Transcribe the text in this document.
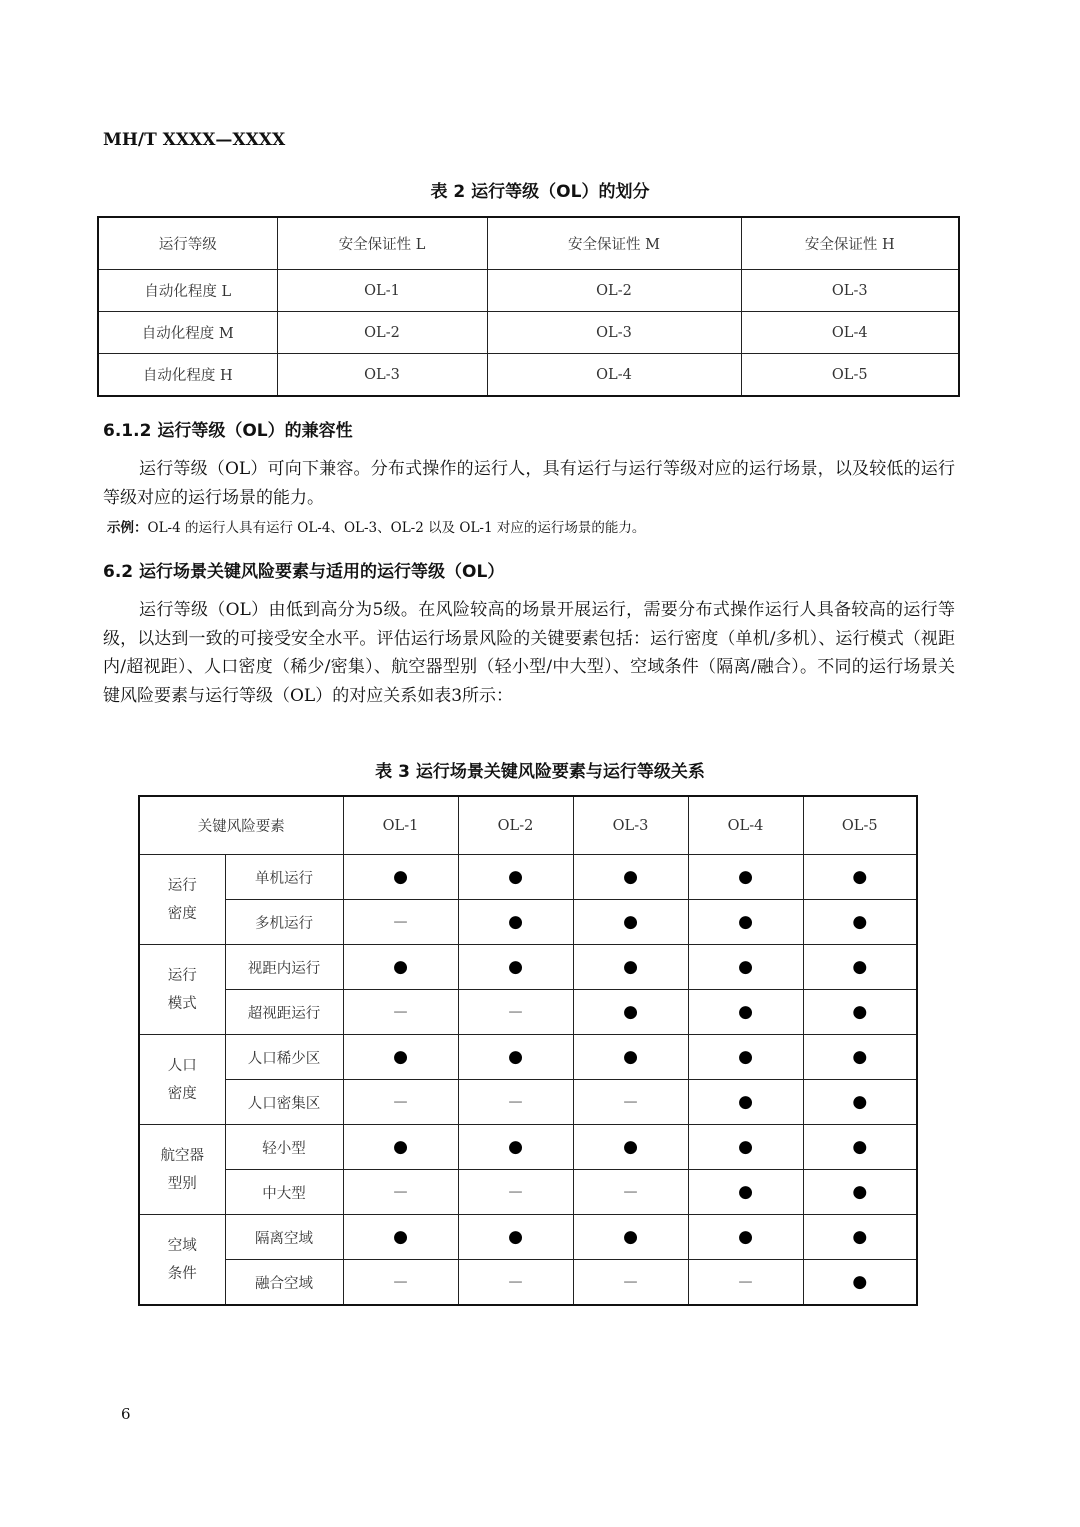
MH/T XXXX—XXXX

表 2 运行等级（OL）的划分

运行等级	安全保证性 L	安全保证性 M	安全保证性 H
自动化程度 L	OL-1	OL-2	OL-3
自动化程度 M	OL-2	OL-3	OL-4
自动化程度 H	OL-3	OL-4	OL-5

6.1.2 运行等级（OL）的兼容性

运行等级（OL）可向下兼容。分布式操作的运行人，具有运行与运行等级对应的运行场景，以及较低的运行等级对应的运行场景的能力。

示例：OL-4 的运行人具有运行 OL-4、OL-3、OL-2 以及 OL-1 对应的运行场景的能力。

6.2 运行场景关键风险要素与适用的运行等级（OL）

运行等级（OL）由低到高分为5级。在风险较高的场景开展运行，需要分布式操作运行人具备较高的运行等级，以达到一致的可接受安全水平。评估运行场景风险的关键要素包括：运行密度（单机/多机）、运行模式（视距内/超视距）、人口密度（稀少/密集）、航空器型别（轻小型/中大型）、空域条件（隔离/融合）。不同的运行场景关键风险要素与运行等级（OL）的对应关系如表3所示：

表 3 运行场景关键风险要素与运行等级关系

关键风险要素		OL-1	OL-2	OL-3	OL-4	OL-5
运行
密度	单机运行	●	●	●	●	●
	多机运行	—	●	●	●	●
运行
模式	视距内运行	●	●	●	●	●
	超视距运行	—	—	●	●	●
人口
密度	人口稀少区	●	●	●	●	●
	人口密集区	—	—	—	●	●
航空器
型别	轻小型	●	●	●	●	●
	中大型	—	—	—	●	●
空域
条件	隔离空域	●	●	●	●	●
	融合空域	—	—	—	—	●

6
